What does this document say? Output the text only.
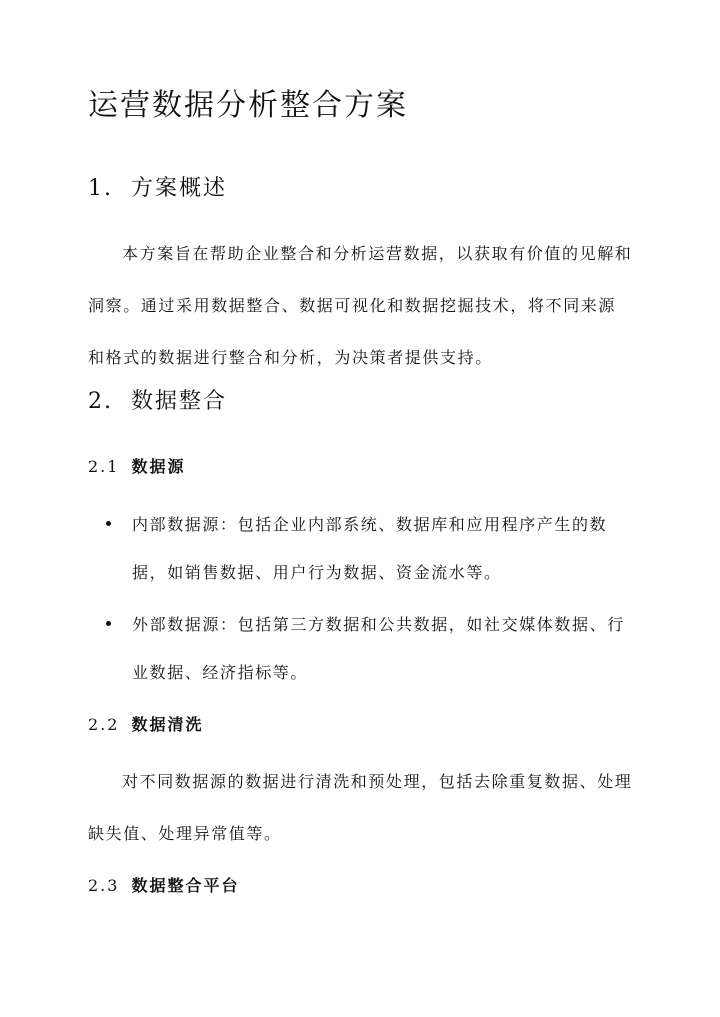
运营数据分析整合方案
1. 方案概述

本方案旨在帮助企业整合和分析运营数据，以获取有价值的见解和洞察。通过采用数据整合、数据可视化和数据挖掘技术，将不同来源和格式的数据进行整合和分析，为决策者提供支持。

2. 数据整合
2.1 数据源
内部数据源：包括企业内部系统、数据库和应用程序产生的数据，如销售数据、用户行为数据、资金流水等。
外部数据源：包括第三方数据和公共数据，如社交媒体数据、行业数据、经济指标等。
2.2 数据清洗

对不同数据源的数据进行清洗和预处理，包括去除重复数据、处理缺失值、处理异常值等。

2.3 数据整合平台
